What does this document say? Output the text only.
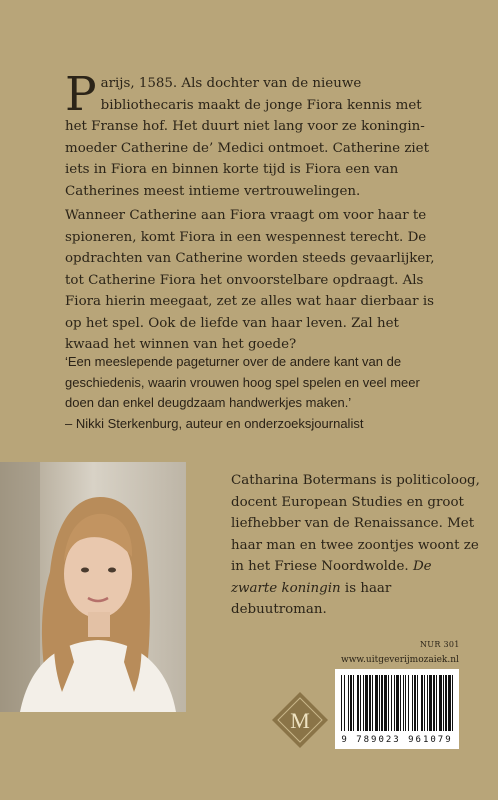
Parijs, 1585. Als dochter van de nieuwe bibliothecaris maakt de jonge Fiora kennis met het Franse hof. Het duurt niet lang voor ze koningin-moeder Catherine de’ Medici ontmoet. Catherine ziet iets in Fiora en binnen korte tijd is Fiora een van Catherines meest intieme vertrouwelingen.
Wanneer Catherine aan Fiora vraagt om voor haar te spioneren, komt Fiora in een wespennest terecht. De opdrachten van Catherine worden steeds gevaarlijker, tot Catherine Fiora het onvoorstelbare opdraagt. Als Fiora hierin meegaat, zet ze alles wat haar dierbaar is op het spel. Ook de liefde van haar leven. Zal het kwaad het winnen van het goede?

‘Een meeslepende pageturner over de andere kant van de geschiedenis, waarin vrouwen hoog spel spelen en veel meer doen dan enkel deugdzaam handwerkjes maken.’

– Nikki Sterkenburg, auteur en onderzoeksjournalist

Catharina Botermans is politicoloog, docent European Studies en groot liefhebber van de Renaissance. Met haar man en twee zoontjes woont ze in het Friese Noordwolde. De zwarte koningin is haar debuutroman.
NUR 301
www.uitgeverijmozaiek.nl
M
9 789023 961079
